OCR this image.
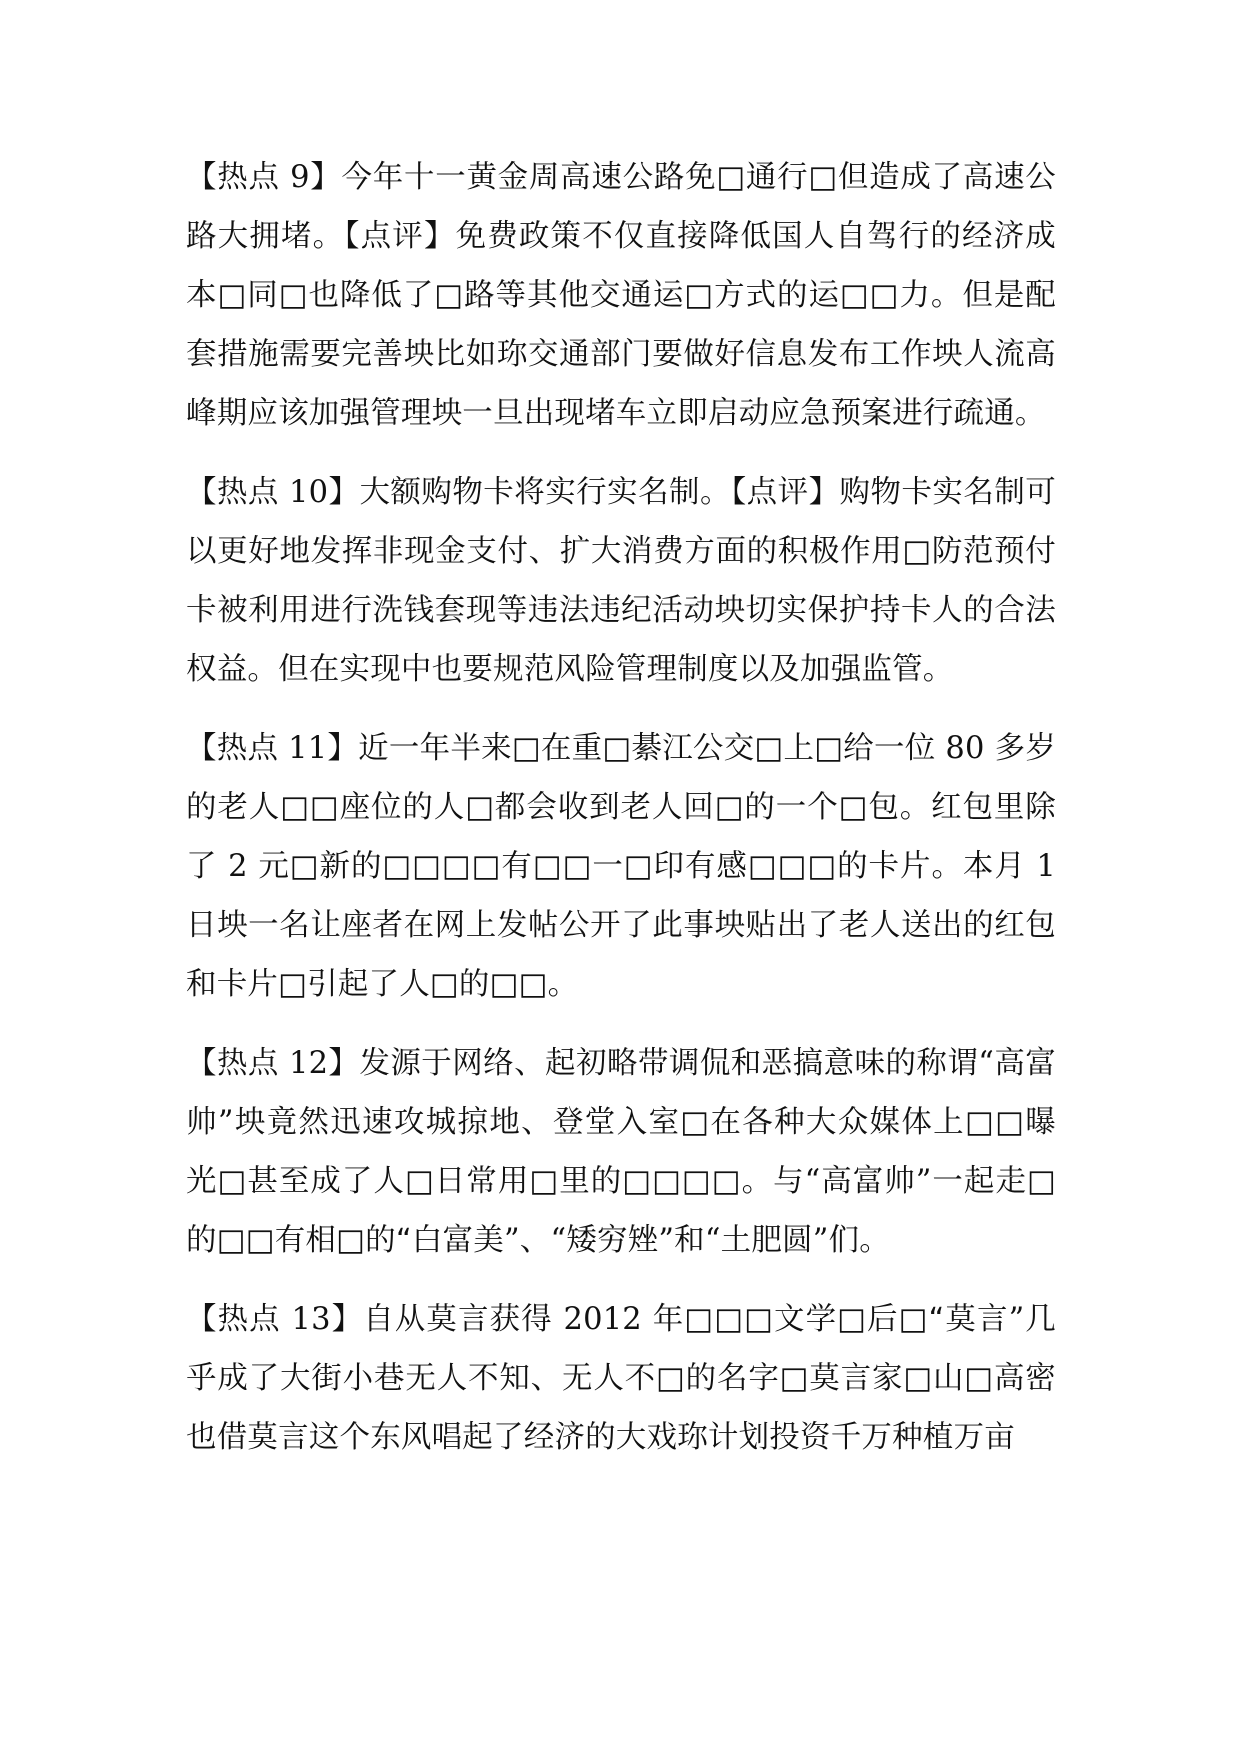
【热点 9】今年十一黄金周高速公路免□通行□但造成了高速公路大拥堵。【点评】免费政策不仅直接降低国人自驾行的经济成本□同□也降低了□路等其他交通运□方式的运□□力。但是配套措施需要完善坱比如珎交通部门要做好信息发布工作坱人流高峰期应该加强管理坱一旦出现堵车立即启动应急预案进行疏通。

【热点 10】大额购物卡将实行实名制。【点评】购物卡实名制可以更好地发挥非现金支付、扩大消费方面的积极作用□防范预付卡被利用进行洗钱套现等违法违纪活动坱切实保护持卡人的合法权益。但在实现中也要规范风险管理制度以及加强监管。

【热点 11】近一年半来□在重□綦江公交□上□给一位 80 多岁的老人□□座位的人□都会收到老人回□的一个□包。红包里除了 2 元□新的□□□□有□□一□印有感□□□的卡片。本月 1 日坱一名让座者在网上发帖公开了此事坱贴出了老人送出的红包和卡片□引起了人□的□□。

【热点 12】发源于网络、起初略带调侃和恶搞意味的称谓“高富帅”坱竟然迅速攻城掠地、登堂入室□在各种大众媒体上□□曝光□甚至成了人□日常用□里的□□□□。与“高富帅”一起走□的□□有相□的“白富美”、“矮穷矬”和“土肥圆”们。

【热点 13】自从莫言获得 2012 年□□□文学□后□“莫言”几乎成了大街小巷无人不知、无人不□的名字□莫言家□山□高密也借莫言这个东风唱起了经济的大戏珎计划投资千万种植万亩
